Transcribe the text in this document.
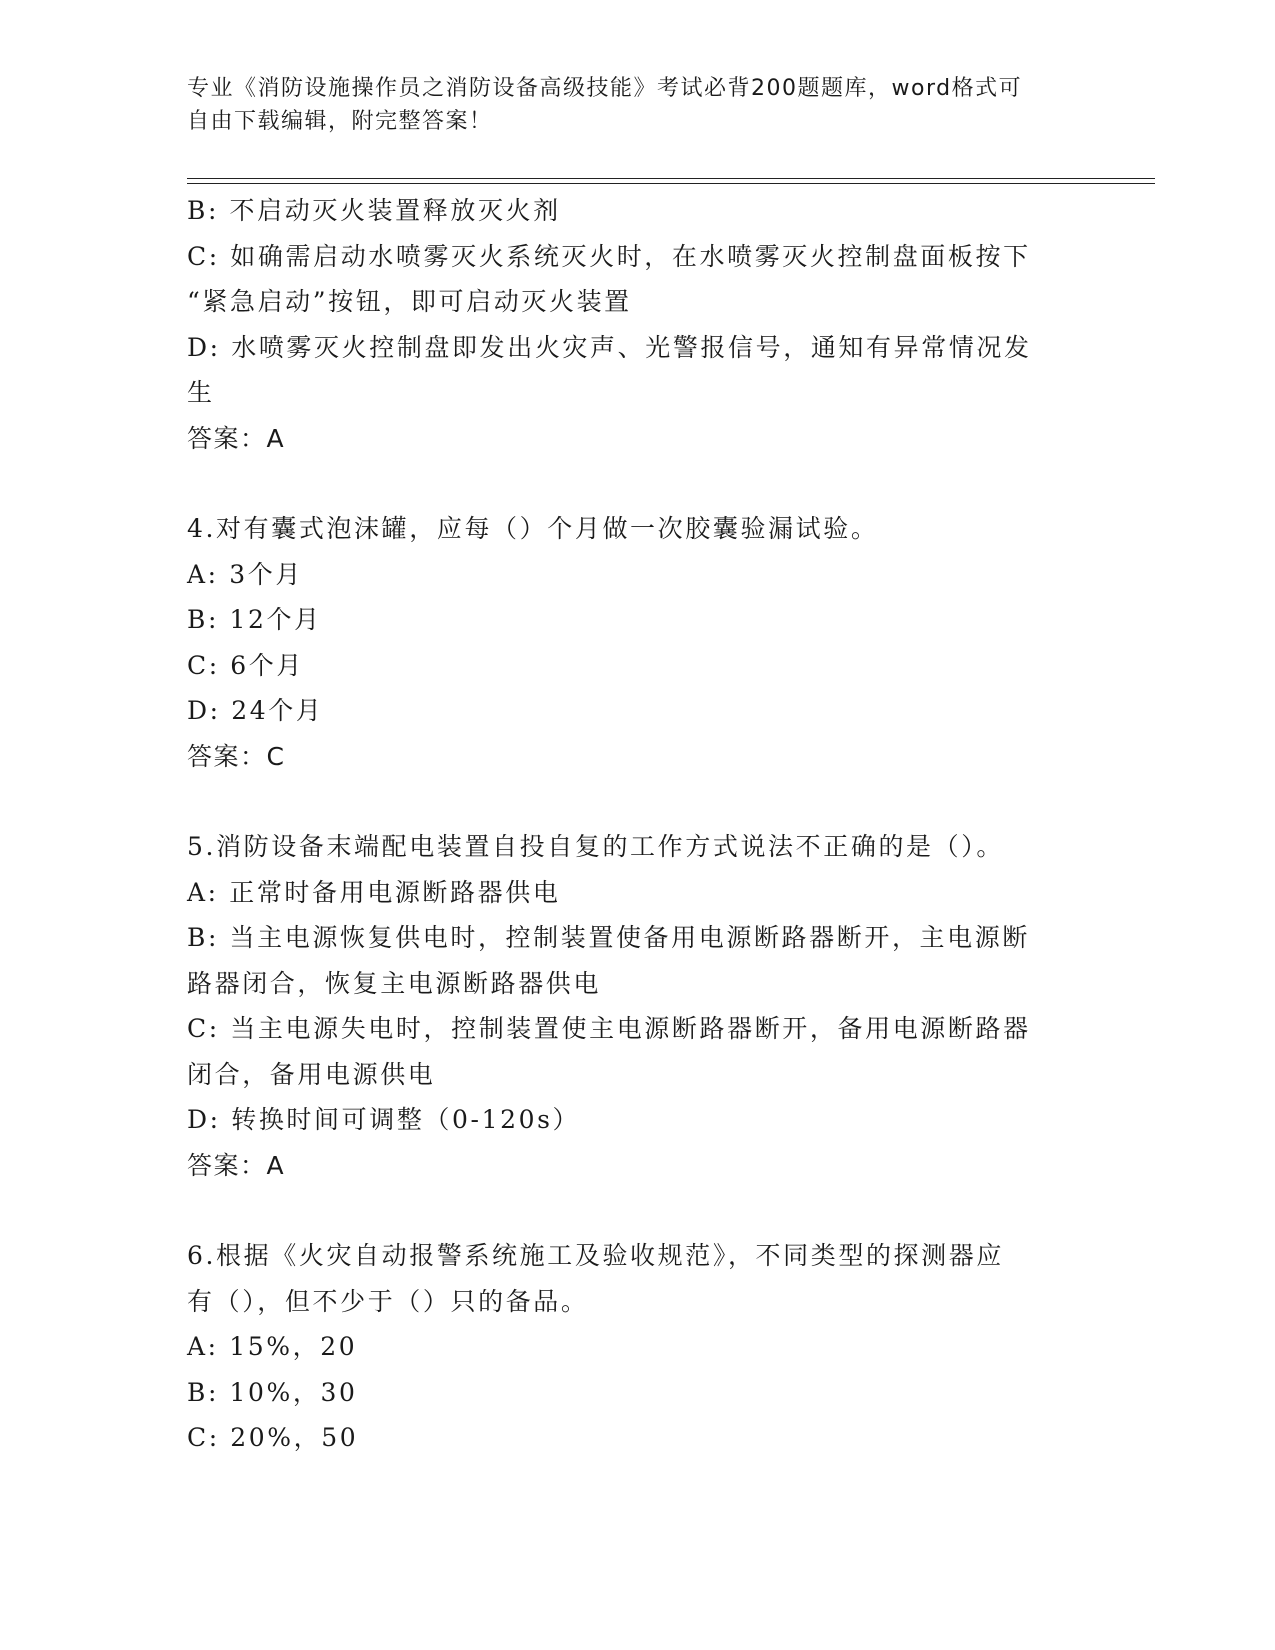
专业《消防设施操作员之消防设备高级技能》考试必背200题题库，word格式可
自由下载编辑，附完整答案！
B: 不启动灭火装置释放灭火剂
C: 如确需启动水喷雾灭火系统灭火时，在水喷雾灭火控制盘面板按下
“紧急启动”按钮，即可启动灭火装置
D: 水喷雾灭火控制盘即发出火灾声、光警报信号，通知有异常情况发
生
答案：A
4.对有囊式泡沫罐，应每（）个月做一次胶囊验漏试验。
A: 3个月
B: 12个月
C: 6个月
D: 24个月
答案：C
5.消防设备末端配电装置自投自复的工作方式说法不正确的是（）。
A: 正常时备用电源断路器供电
B: 当主电源恢复供电时，控制装置使备用电源断路器断开，主电源断
路器闭合，恢复主电源断路器供电
C: 当主电源失电时，控制装置使主电源断路器断开，备用电源断路器
闭合，备用电源供电
D: 转换时间可调整（0-120s）
答案：A
6.根据《火灾自动报警系统施工及验收规范》，不同类型的探测器应
有（），但不少于（）只的备品。
A: 15%，20
B: 10%，30
C: 20%，50
